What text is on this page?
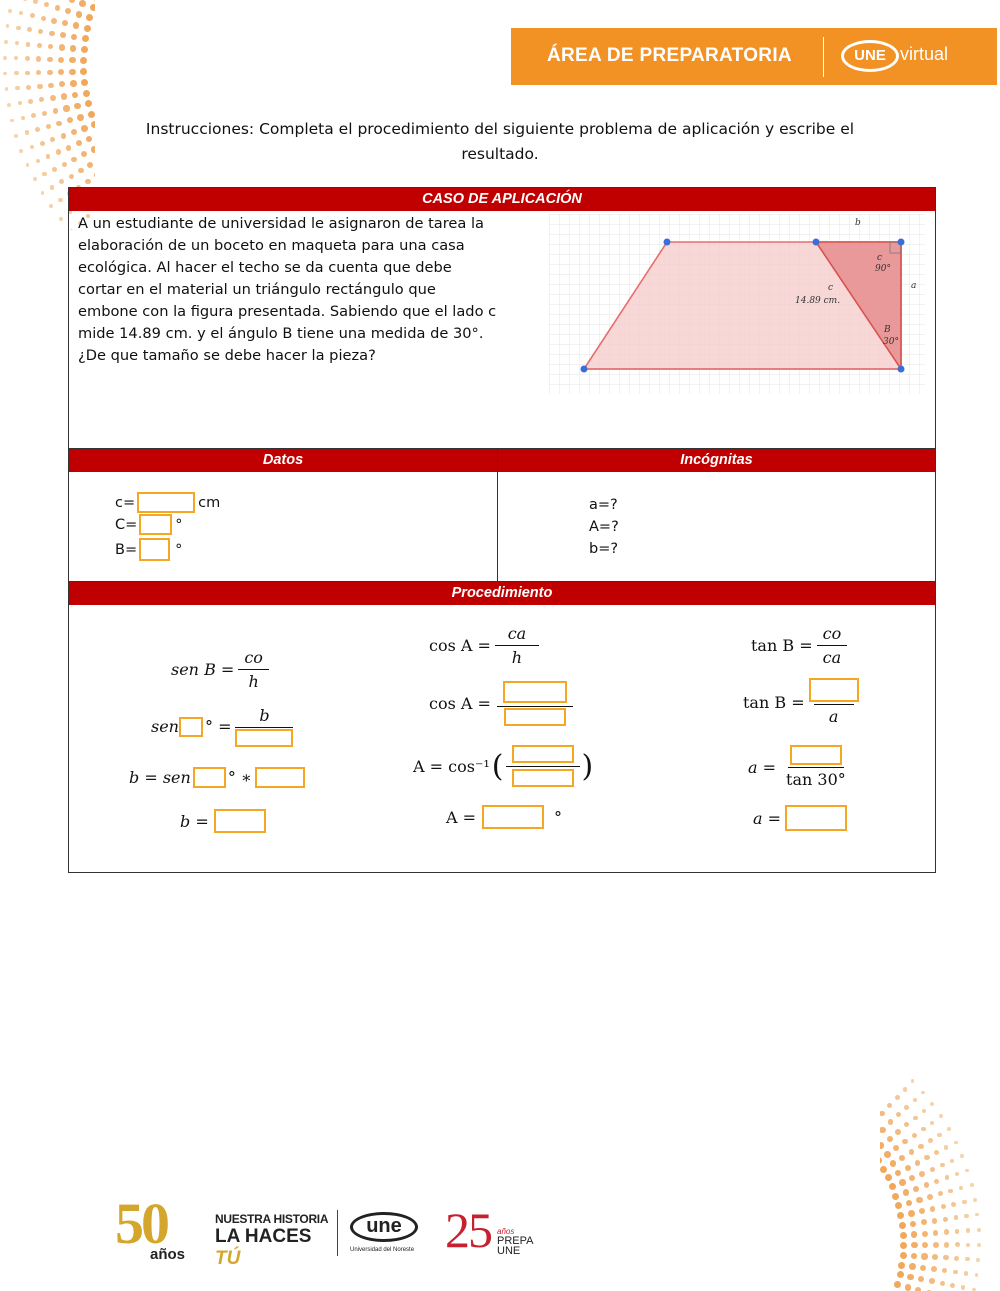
ÁREA DE PREPARATORIA	UNE virtual
Instrucciones: Completa el procedimiento del siguiente problema de aplicación y escribe el resultado.
CASO DE APLICACIÓN
A un estudiante de universidad le asignaron de tarea la elaboración de un boceto en maqueta para una casa ecológica. Al hacer el techo se da cuenta que debe cortar en el material un triángulo rectángulo que embone con la figura presentada. Sabiendo que el lado c mide 14.89 cm. y el ángulo B tiene una medida de 30°. ¿De que tamaño se debe hacer la pieza?
b
c
90°
a
c
14.89 cm.
B
30°
Datos	Incógnitas
c=	cm
C=	°
B=	°
a=?
A=?
b=?
Procedimiento
sen $B = \frac{co}{h}$
sen ° =
b
b = sen ° ∗
b =
$\cos A = \frac{ca}{h}$
cos A =
A = cos⁻¹ (	)
A =	°
$\tan B = \frac{co}{ca}$
tan B =
a
a =
tan 30°
a =
50
años
NUESTRA HISTORIA
LA HACES TÚ
une
Universidad del Noreste 25 años
PREPA
UNE
